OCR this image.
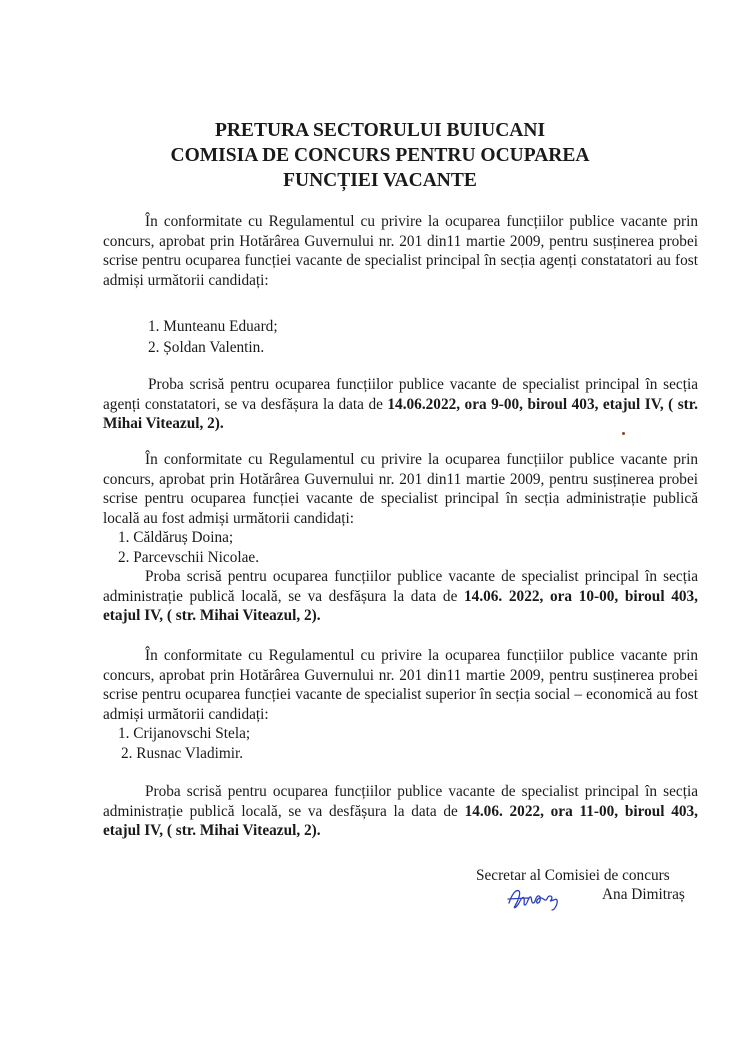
PRETURA SECTORULUI BUIUCANI
COMISIA DE CONCURS PENTRU OCUPAREA
FUNCȚIEI VACANTE

În conformitate cu Regulamentul cu privire la ocuparea funcțiilor publice vacante prin concurs, aprobat prin Hotărârea Guvernului nr. 201 din11 martie 2009, pentru susținerea probei scrise pentru ocuparea funcției vacante de specialist principal în secția agenți constatatori au fost admiși următorii candidați:

1. Munteanu Eduard;
2. Șoldan Valentin.

Proba scrisă pentru ocuparea funcțiilor publice vacante de specialist principal în secția agenți constatatori, se va desfășura la data de 14.06.2022, ora 9-00, biroul 403, etajul IV, ( str. Mihai Viteazul, 2).

În conformitate cu Regulamentul cu privire la ocuparea funcțiilor publice vacante prin concurs, aprobat prin Hotărârea Guvernului nr. 201 din11 martie 2009, pentru susținerea probei scrise pentru ocuparea funcției vacante de specialist principal în secția administrație publică locală au fost admiși următorii candidați:

1. Căldăruș Doina;
2. Parcevschii Nicolae.

Proba scrisă pentru ocuparea funcțiilor publice vacante de specialist principal în secția administrație publică locală, se va desfășura la data de 14.06. 2022, ora 10-00, biroul 403, etajul IV, ( str. Mihai Viteazul, 2).

În conformitate cu Regulamentul cu privire la ocuparea funcțiilor publice vacante prin concurs, aprobat prin Hotărârea Guvernului nr. 201 din11 martie 2009, pentru susținerea probei scrise pentru ocuparea funcției vacante de specialist superior în secția social – economică au fost admiși următorii candidați:

1. Crijanovschi Stela;
2. Rusnac Vladimir.

Proba scrisă pentru ocuparea funcțiilor publice vacante de specialist principal în secția administrație publică locală, se va desfășura la data de 14.06. 2022, ora 11-00, biroul 403, etajul IV, ( str. Mihai Viteazul, 2).

Secretar al Comisiei de concurs
Ana Dimitraș
